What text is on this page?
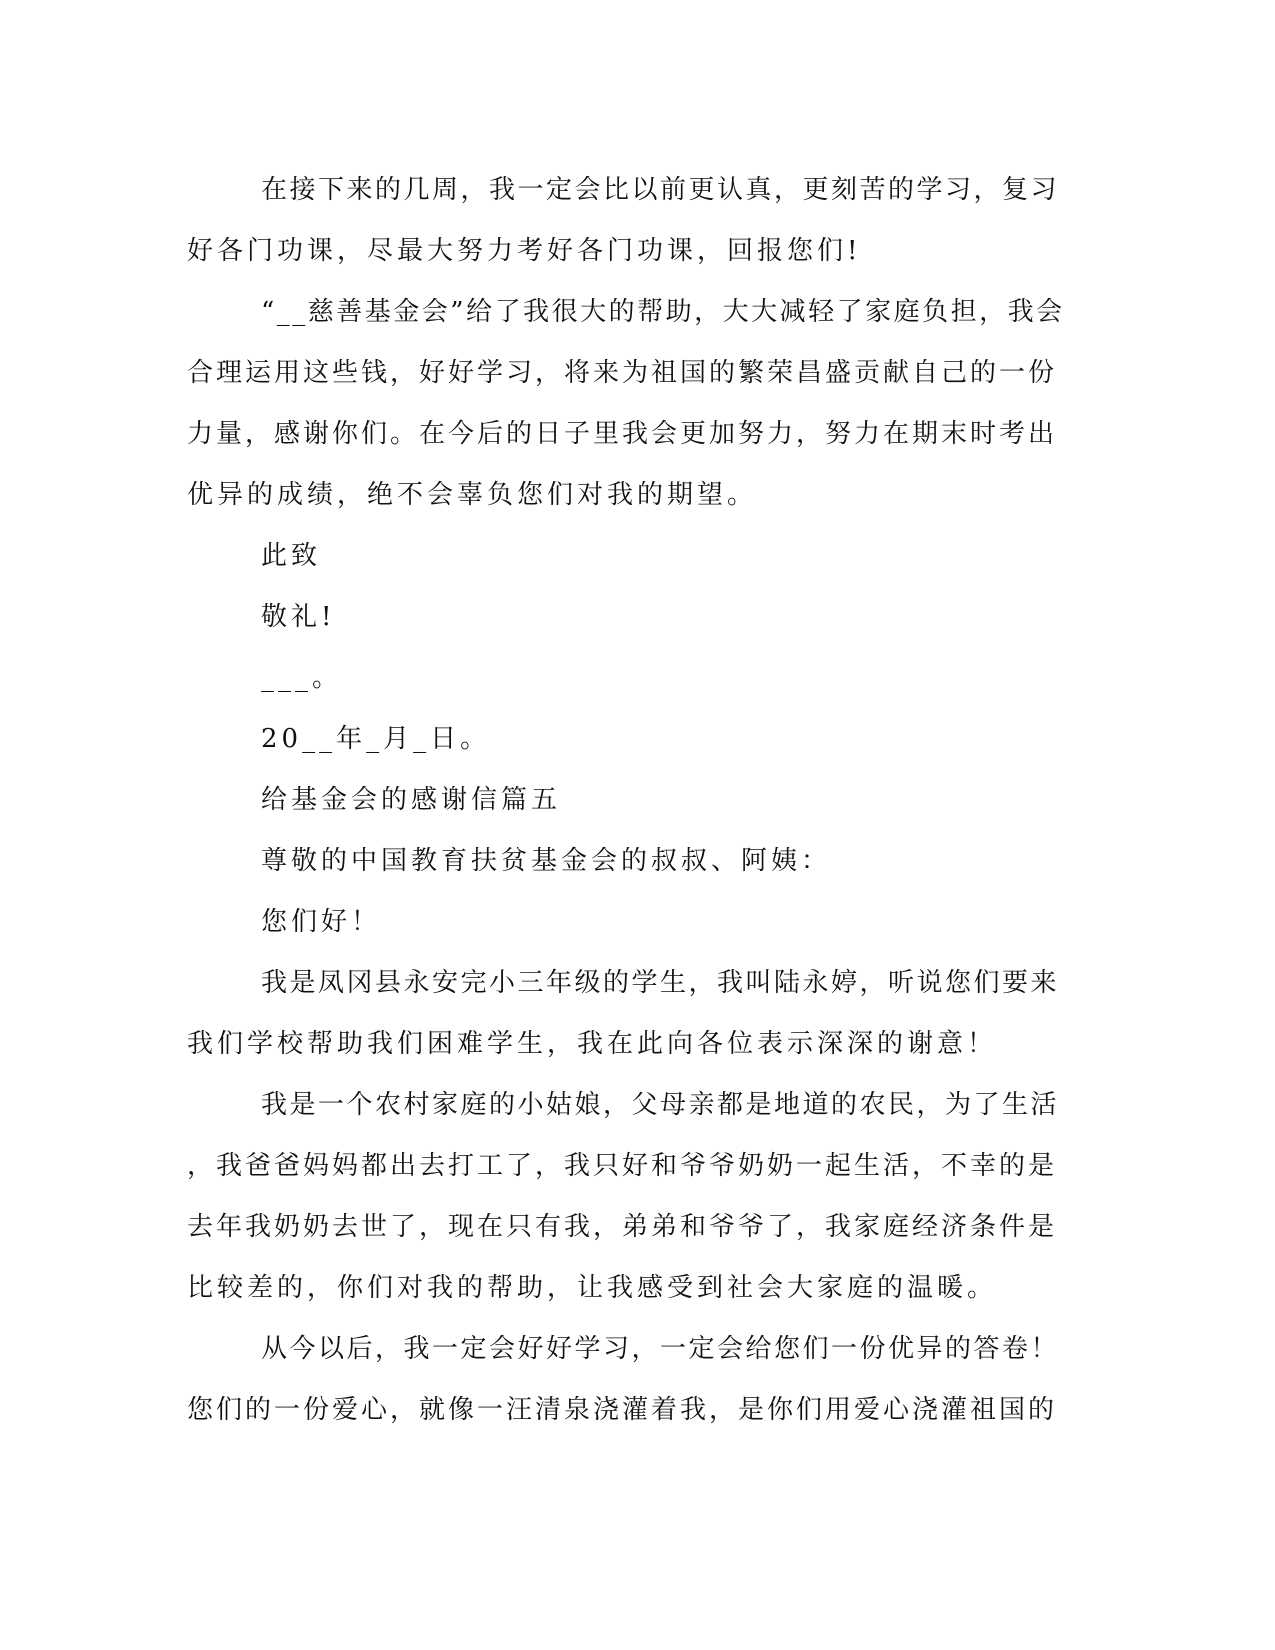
在接下来的几周，我一定会比以前更认真，更刻苦的学习，复习
好各门功课，尽最大努力考好各门功课，回报您们!
“__慈善基金会”给了我很大的帮助，大大减轻了家庭负担，我会
合理运用这些钱，好好学习，将来为祖国的繁荣昌盛贡献自己的一份
力量，感谢你们。在今后的日子里我会更加努力，努力在期末时考出
优异的成绩，绝不会辜负您们对我的期望。
此致
敬礼!
___。
20__年_月_日。
给基金会的感谢信篇五
尊敬的中国教育扶贫基金会的叔叔、阿姨：
您们好！
我是凤冈县永安完小三年级的学生，我叫陆永婷，听说您们要来
我们学校帮助我们困难学生，我在此向各位表示深深的谢意！
我是一个农村家庭的小姑娘，父母亲都是地道的农民，为了生活
，我爸爸妈妈都出去打工了，我只好和爷爷奶奶一起生活，不幸的是
去年我奶奶去世了，现在只有我，弟弟和爷爷了，我家庭经济条件是
比较差的，你们对我的帮助，让我感受到社会大家庭的温暖。
从今以后，我一定会好好学习，一定会给您们一份优异的答卷！
您们的一份爱心，就像一汪清泉浇灌着我，是你们用爱心浇灌祖国的
